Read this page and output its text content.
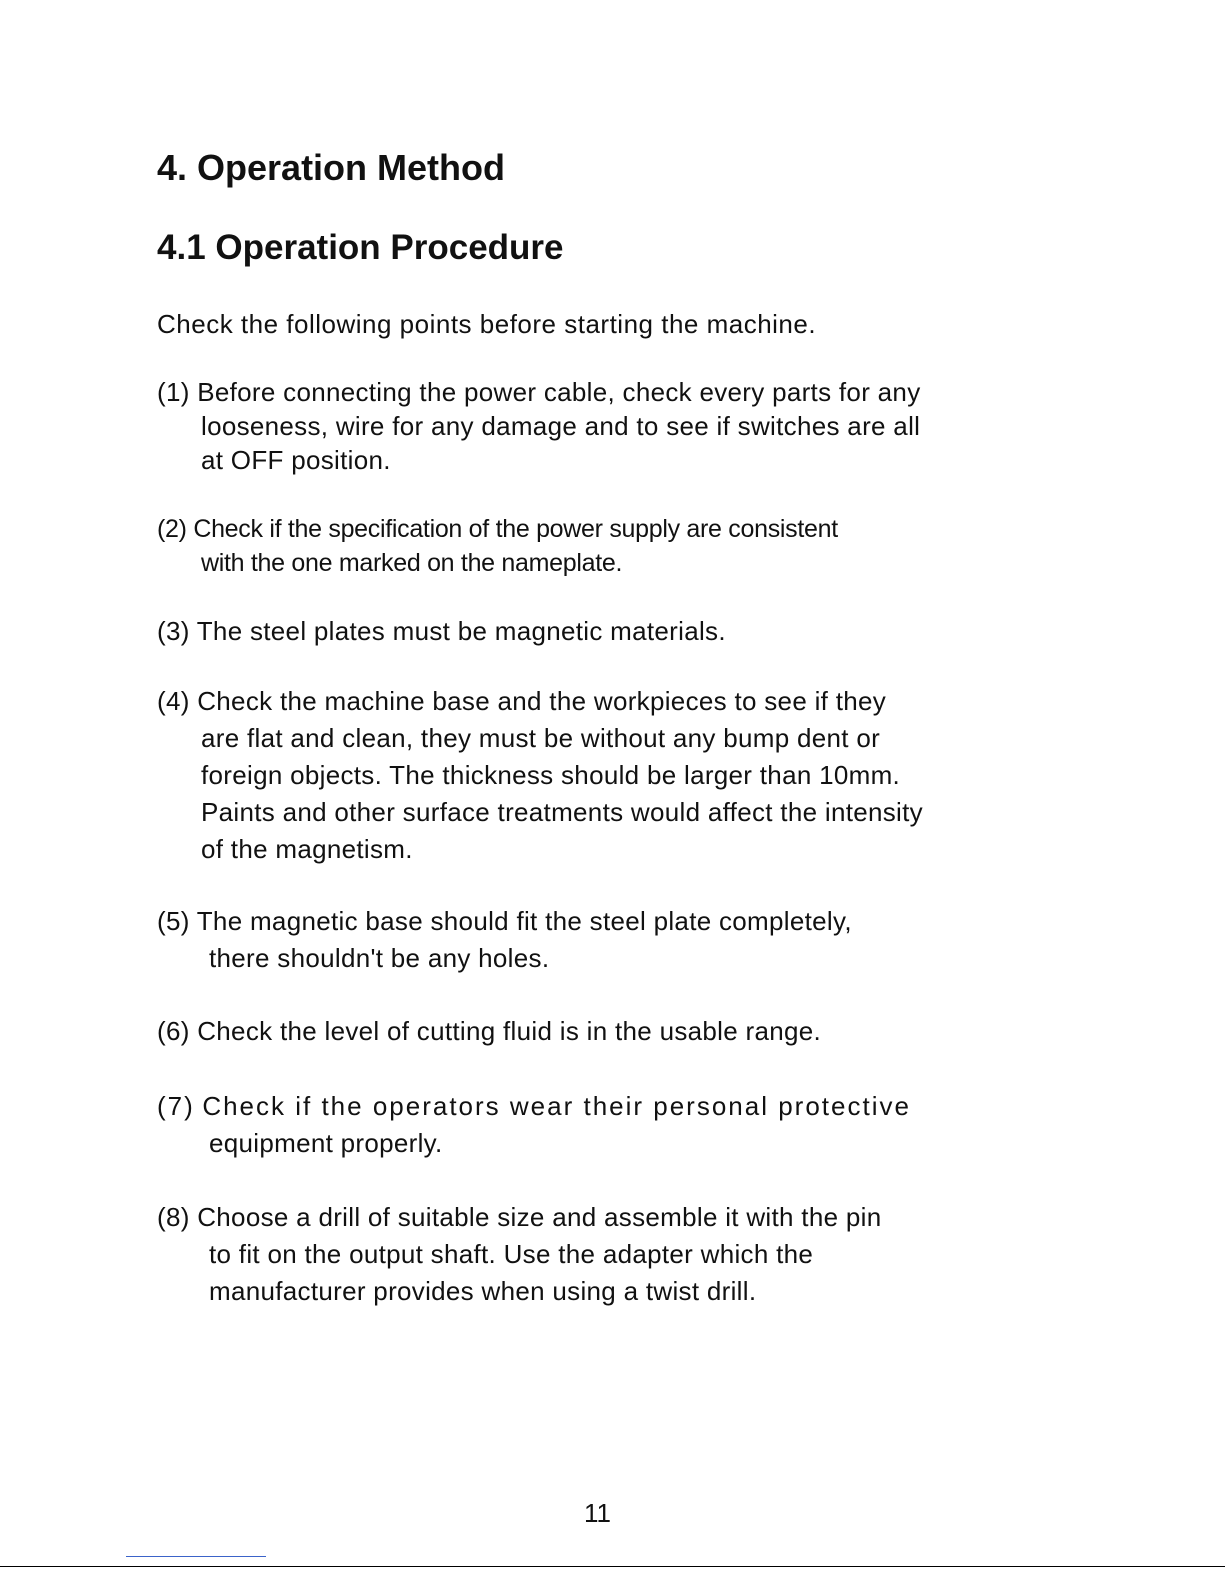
4. Operation Method
4.1 Operation Procedure

Check the following points before starting the machine.

(1) Before connecting the power cable, check every parts for any
looseness, wire for any damage and to see if switches are all
at OFF position.
(2) Check if the specification of the power supply are consistent
with the one marked on the nameplate.
(3) The steel plates must be magnetic materials.
(4) Check the machine base and the workpieces to see if they
are flat and clean, they must be without any bump dent or
foreign objects. The thickness should be larger than 10mm.
Paints and other surface treatments would affect the intensity
of the magnetism.
(5) The magnetic base should fit the steel plate completely,
there shouldn't be any holes.
(6) Check the level of cutting fluid is in the usable range.
(7) Check if the operators wear their personal protective
equipment properly.
(8) Choose a drill of suitable size and assemble it with the pin
to fit on the output shaft. Use the adapter which the
manufacturer provides when using a twist drill.
11
